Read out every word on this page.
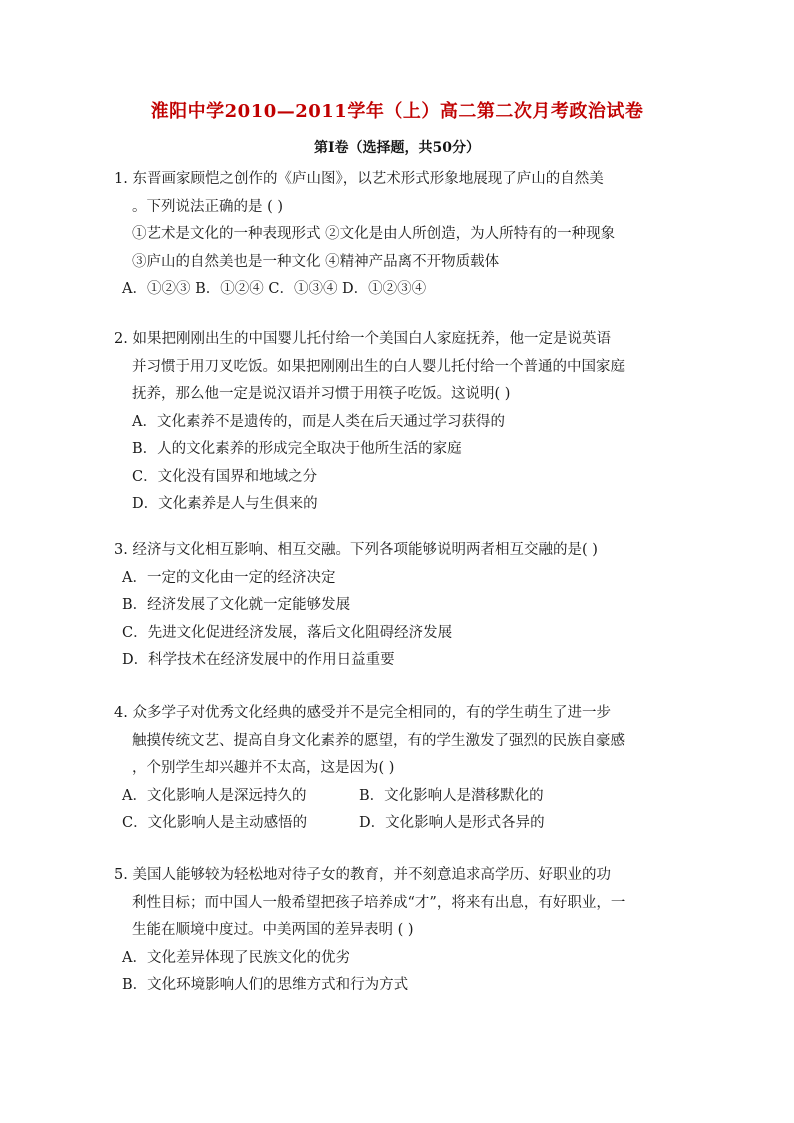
淮阳中学2010—2011学年（上）高二第二次月考政治试卷
第Ⅰ卷（选择题，共50分）
1. 东晋画家顾恺之创作的《庐山图》，以艺术形式形象地展现了庐山的自然美
。下列说法正确的是 ( )
①艺术是文化的一种表现形式 ②文化是由人所创造，为人所特有的一种现象
③庐山的自然美也是一种文化 ④精神产品离不开物质载体
A．①②③ B．①②④ C．①③④ D．①②③④
2. 如果把刚刚出生的中国婴儿托付给一个美国白人家庭抚养，他一定是说英语
并习惯于用刀叉吃饭。如果把刚刚出生的白人婴儿托付给一个普通的中国家庭
抚养，那么他一定是说汉语并习惯于用筷子吃饭。这说明( )
A．文化素养不是遗传的，而是人类在后天通过学习获得的
B．人的文化素养的形成完全取决于他所生活的家庭
C．文化没有国界和地域之分
D．文化素养是人与生俱来的
3. 经济与文化相互影响、相互交融。下列各项能够说明两者相互交融的是( )
A．一定的文化由一定的经济决定
B．经济发展了文化就一定能够发展
C．先进文化促进经济发展，落后文化阻碍经济发展
D．科学技术在经济发展中的作用日益重要
4. 众多学子对优秀文化经典的感受并不是完全相同的，有的学生萌生了进一步
触摸传统文艺、提高自身文化素养的愿望，有的学生激发了强烈的民族自豪感
，个别学生却兴趣并不太高，这是因为( )
A．文化影响人是深远持久的	B．文化影响人是潜移默化的
C．文化影响人是主动感悟的	D．文化影响人是形式各异的
5. 美国人能够较为轻松地对待子女的教育，并不刻意追求高学历、好职业的功
利性目标；而中国人一般希望把孩子培养成“才”，将来有出息，有好职业，一
生能在顺境中度过。中美两国的差异表明 ( )
A．文化差异体现了民族文化的优劣
B．文化环境影响人们的思维方式和行为方式
